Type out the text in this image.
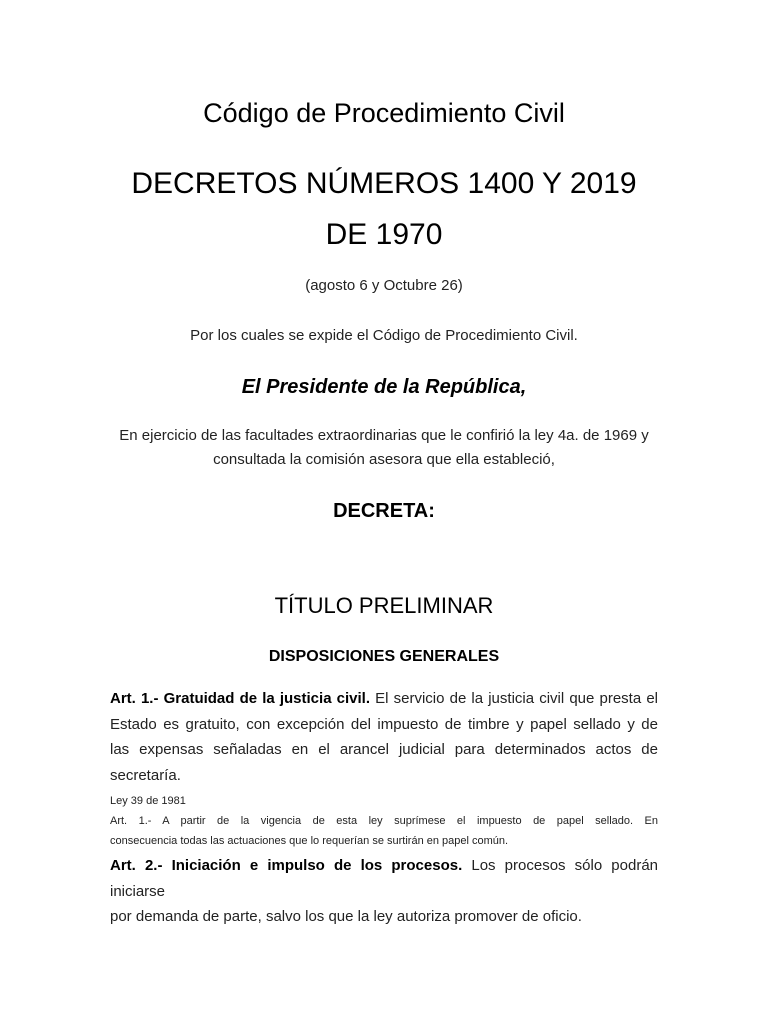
Código de Procedimiento Civil
DECRETOS NÚMEROS 1400 Y 2019
DE 1970
(agosto 6 y Octubre 26)
Por los cuales se expide el Código de Procedimiento Civil.
El Presidente de la República,
En ejercicio de las facultades extraordinarias que le confirió la ley 4a. de 1969 y
consultada la comisión asesora que ella estableció,
DECRETA:
TÍTULO PRELIMINAR
DISPOSICIONES GENERALES
Art. 1.- Gratuidad de la justicia civil. El servicio de la justicia civil que presta el
Estado es gratuito, con excepción del impuesto de timbre y papel sellado y de
las expensas señaladas en el arancel judicial para determinados actos de
secretaría.
Ley 39 de 1981
Art. 1.- A partir de la vigencia de esta ley suprímese el impuesto de papel sellado. En
consecuencia todas las actuaciones que lo requerían se surtirán en papel común.
Art. 2.- Iniciación e impulso de los procesos. Los procesos sólo podrán iniciarse
por demanda de parte, salvo los que la ley autoriza promover de oficio.
